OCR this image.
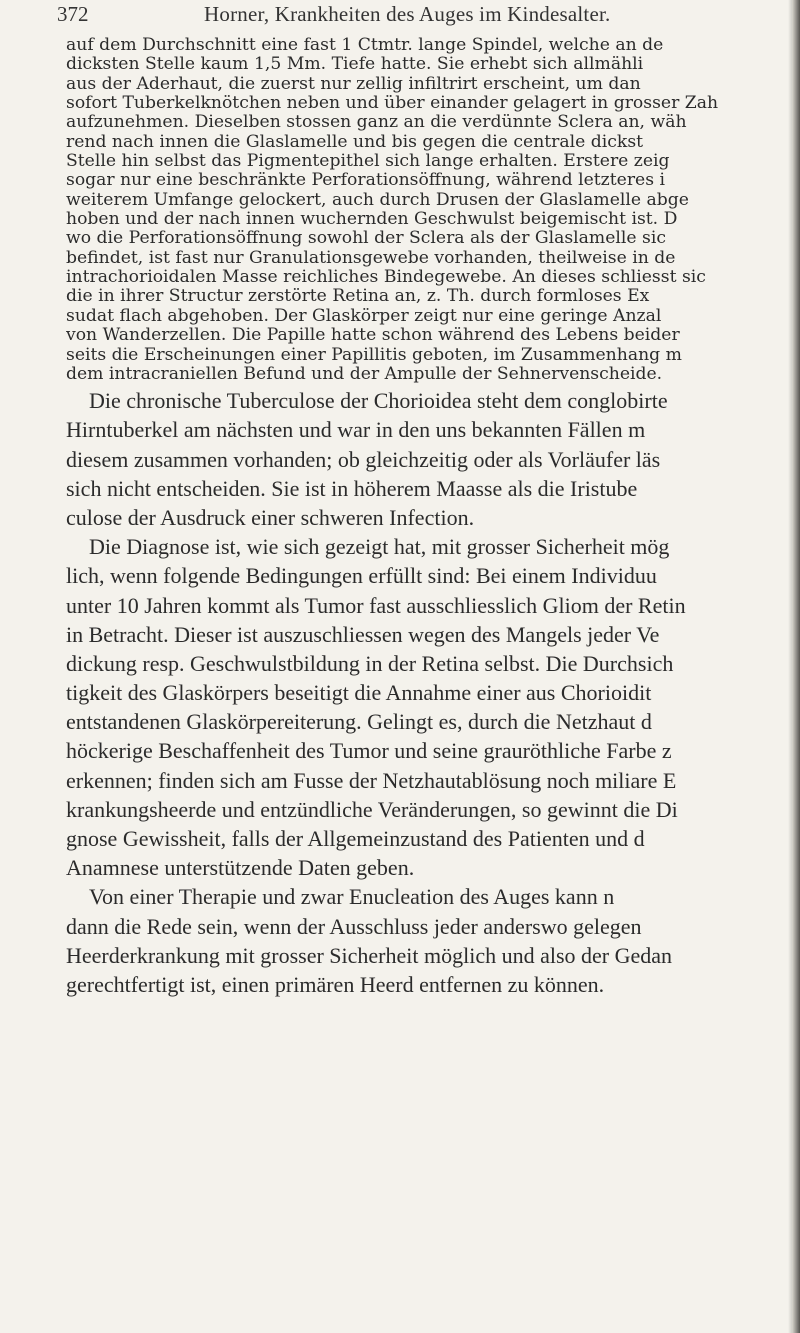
372	Horner, Krankheiten des Auges im Kindesalter.
auf dem Durchschnitt eine fast 1 Ctmtr. lange Spindel, welche an de
dicksten Stelle kaum 1,5 Mm. Tiefe hatte. Sie erhebt sich allmähli
aus der Aderhaut, die zuerst nur zellig infiltrirt erscheint, um dan
sofort Tuberkelknötchen neben und über einander gelagert in grosser Zah
aufzunehmen. Dieselben stossen ganz an die verdünnte Sclera an, wäh
rend nach innen die Glaslamelle und bis gegen die centrale dickst
Stelle hin selbst das Pigmentepithel sich lange erhalten. Erstere zeig
sogar nur eine beschränkte Perforationsöffnung, während letzteres i
weiterem Umfange gelockert, auch durch Drusen der Glaslamelle abge
hoben und der nach innen wuchernden Geschwulst beigemischt ist. D
wo die Perforationsöffnung sowohl der Sclera als der Glaslamelle sic
befindet, ist fast nur Granulationsgewebe vorhanden, theilweise in de
intrachorioidalen Masse reichliches Bindegewebe. An dieses schliesst sic
die in ihrer Structur zerstörte Retina an, z. Th. durch formloses Ex
sudat flach abgehoben. Der Glaskörper zeigt nur eine geringe Anzal
von Wanderzellen. Die Papille hatte schon während des Lebens beider
seits die Erscheinungen einer Papillitis geboten, im Zusammenhang m
dem intracraniellen Befund und der Ampulle der Sehnervenscheide.
Die chronische Tuberculose der Chorioidea steht dem conglobirte
Hirntuberkel am nächsten und war in den uns bekannten Fällen m
diesem zusammen vorhanden; ob gleichzeitig oder als Vorläufer läs
sich nicht entscheiden. Sie ist in höherem Maasse als die Iristube
culose der Ausdruck einer schweren Infection.
Die Diagnose ist, wie sich gezeigt hat, mit grosser Sicherheit mög
lich, wenn folgende Bedingungen erfüllt sind: Bei einem Individuu
unter 10 Jahren kommt als Tumor fast ausschliesslich Gliom der Retin
in Betracht. Dieser ist auszuschliessen wegen des Mangels jeder Ve
dickung resp. Geschwulstbildung in der Retina selbst. Die Durchsich
tigkeit des Glaskörpers beseitigt die Annahme einer aus Chorioidit
entstandenen Glaskörpereiterung. Gelingt es, durch die Netzhaut d
höckerige Beschaffenheit des Tumor und seine grauröthliche Farbe z
erkennen; finden sich am Fusse der Netzhautablösung noch miliare E
krankungsheerde und entzündliche Veränderungen, so gewinnt die Di
gnose Gewissheit, falls der Allgemeinzustand des Patienten und d
Anamnese unterstützende Daten geben.
Von einer Therapie und zwar Enucleation des Auges kann n
dann die Rede sein, wenn der Ausschluss jeder anderswo gelegen
Heerderkrankung mit grosser Sicherheit möglich und also der Gedan
gerechtfertigt ist, einen primären Heerd entfernen zu können.
